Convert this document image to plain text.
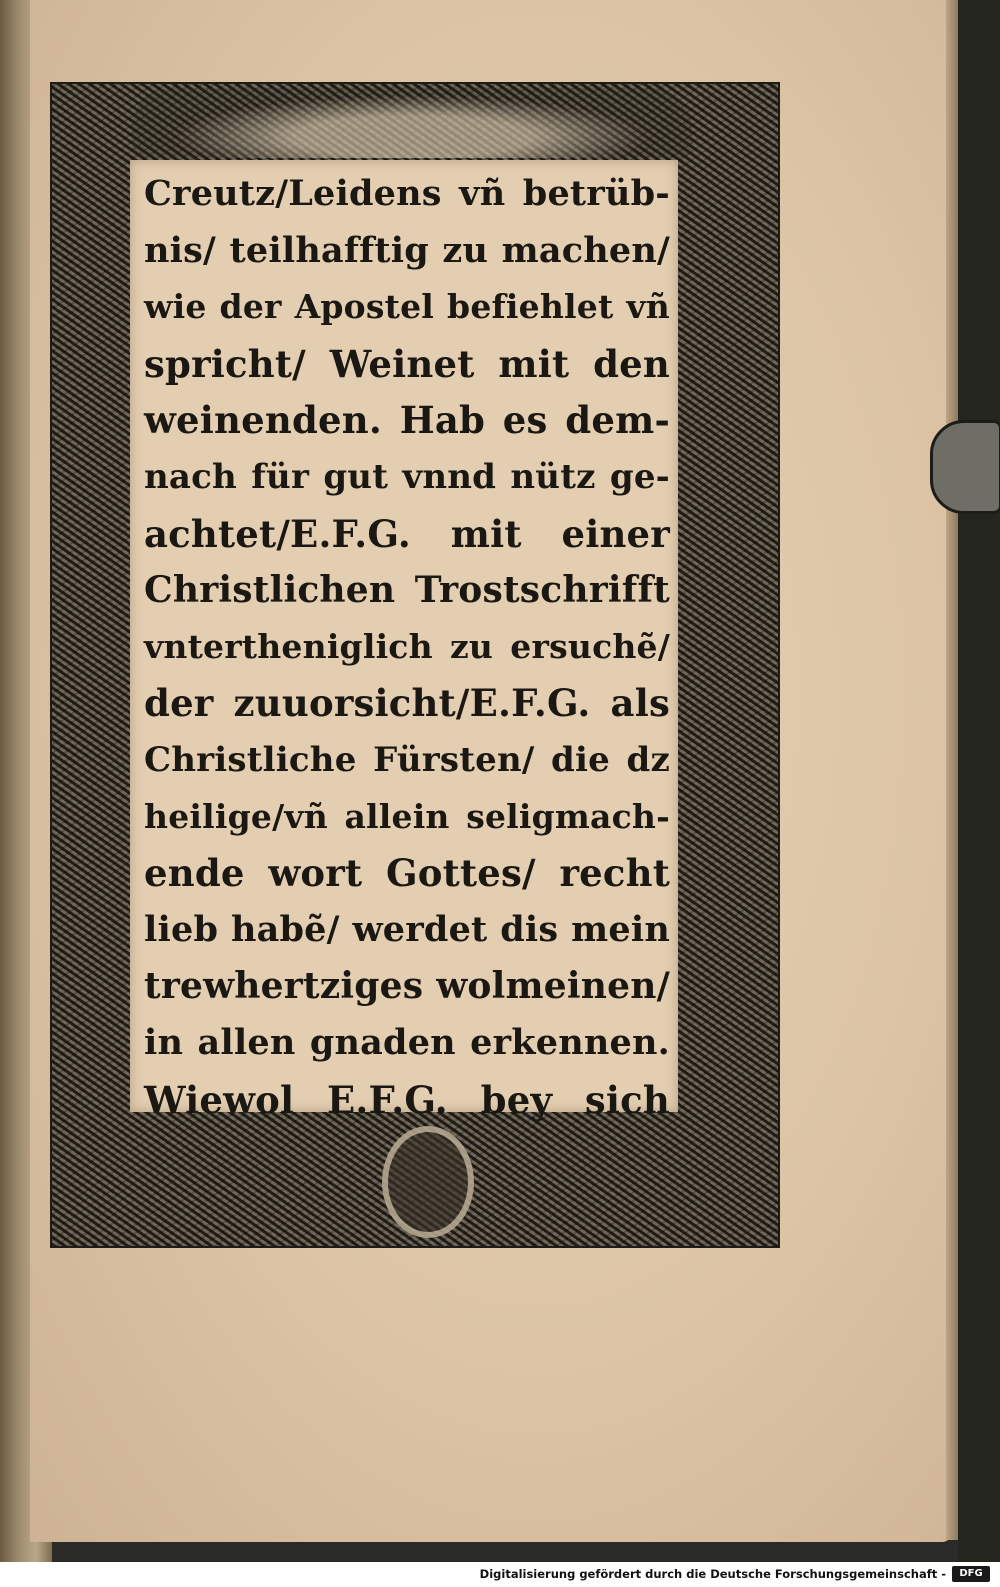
Creutz/Leidens vñ betrüb-
nis/ teilhafftig zu machen/
wie der Apostel befiehlet vñ
spricht/ Weinet mit den
weinenden. Hab es dem-
nach für gut vnnd nütz ge-
achtet/E.F.G. mit einer
Christlichen Trostschrifft
vntertheniglich zu ersuchẽ/
der zuuorsicht/E.F.G. als
Christliche Fürsten/ die dz
heilige/vñ allein seligmach-
ende wort Gottes/ recht
lieb habẽ/ werdet dis mein
trewhertziges wolmeinen/
in allen gnaden erkennen.
Wiewol E.F.G. bey sich
Digitalisierung gefördert durch die Deutsche Forschungsgemeinschaft -	DFG
